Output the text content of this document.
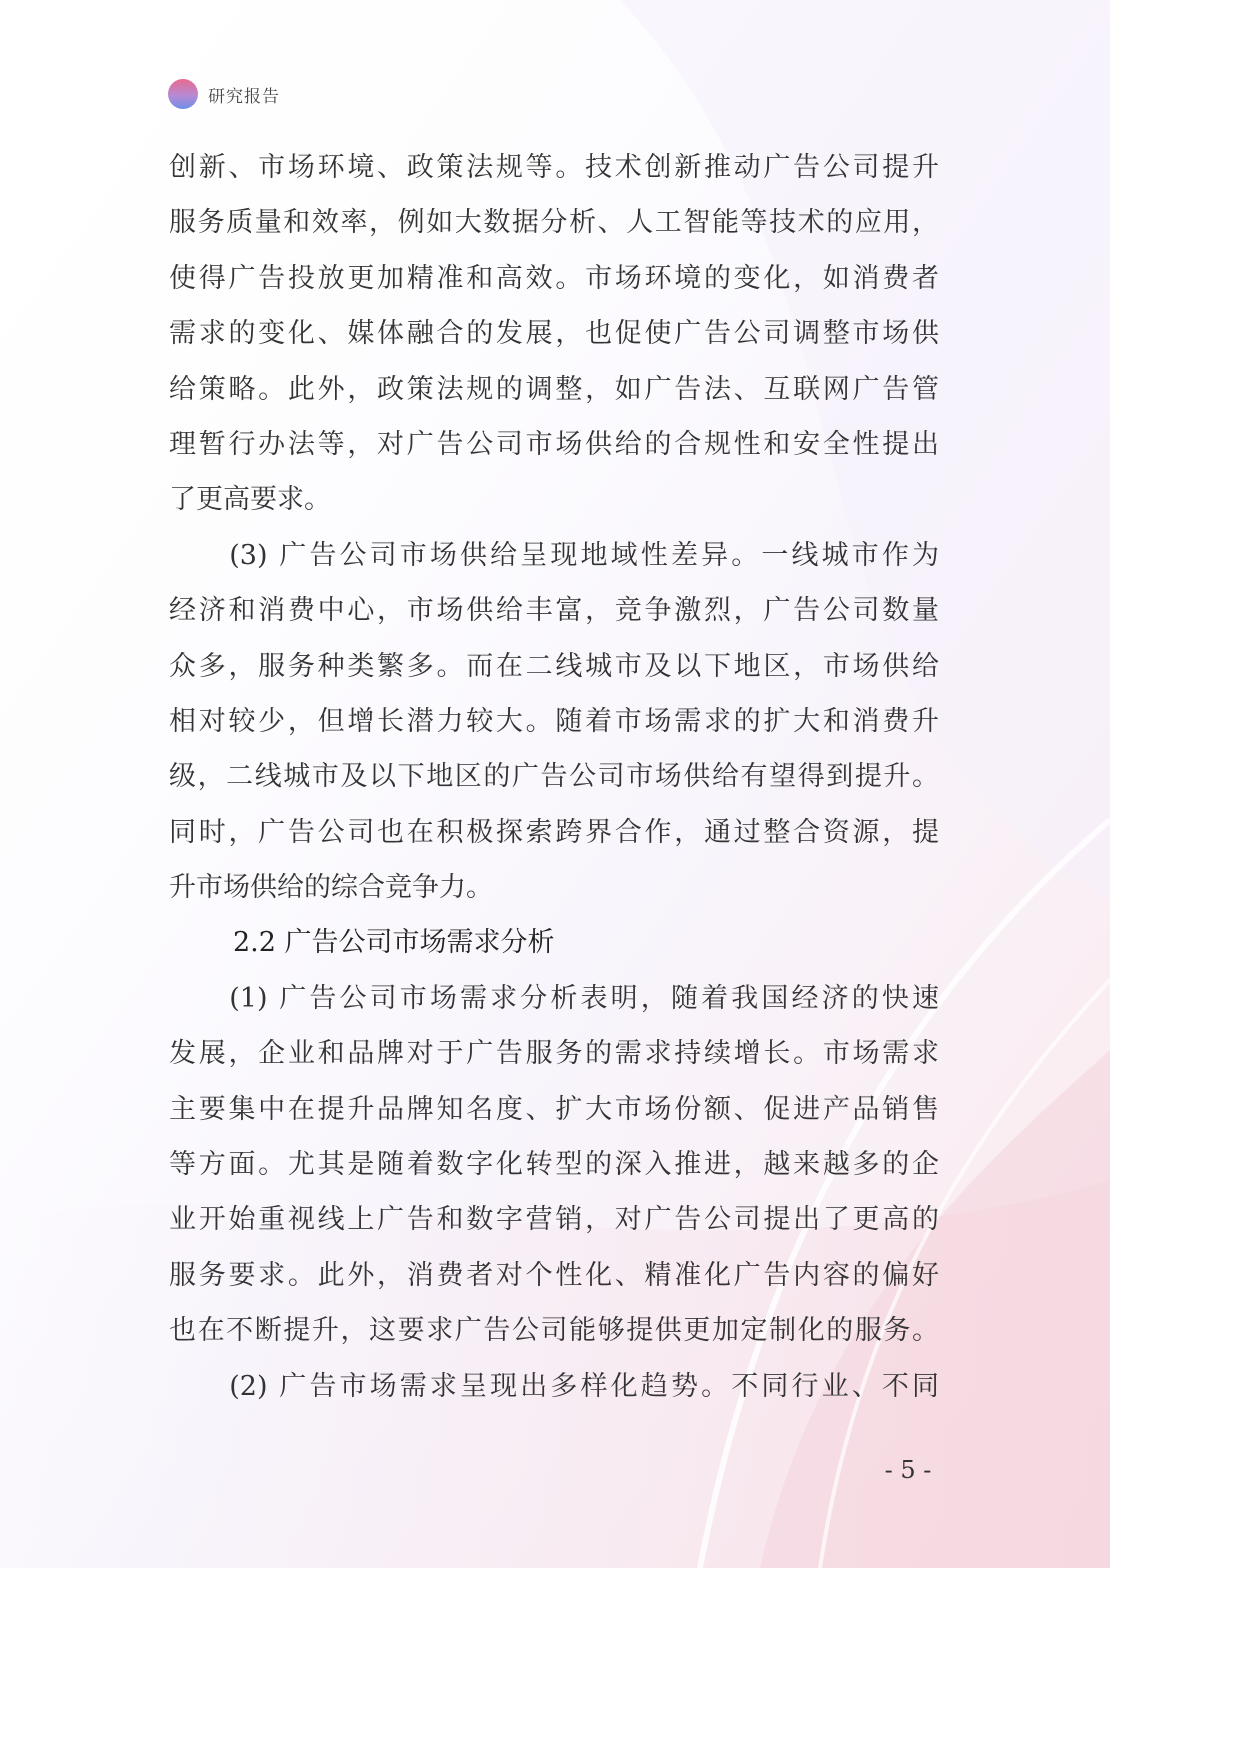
研究报告
创新、市场环境、政策法规等。技术创新推动广告公司提升
服务质量和效率，例如大数据分析、人工智能等技术的应用，
使得广告投放更加精准和高效。市场环境的变化，如消费者
需求的变化、媒体融合的发展，也促使广告公司调整市场供
给策略。此外，政策法规的调整，如广告法、互联网广告管
理暂行办法等，对广告公司市场供给的合规性和安全性提出
了更高要求。
　　(3) 广告公司市场供给呈现地域性差异。一线城市作为
经济和消费中心，市场供给丰富，竞争激烈，广告公司数量
众多，服务种类繁多。而在二线城市及以下地区，市场供给
相对较少，但增长潜力较大。随着市场需求的扩大和消费升
级，二线城市及以下地区的广告公司市场供给有望得到提升。
同时，广告公司也在积极探索跨界合作，通过整合资源，提
升市场供给的综合竞争力。
2.2 广告公司市场需求分析
　　(1) 广告公司市场需求分析表明，随着我国经济的快速
发展，企业和品牌对于广告服务的需求持续增长。市场需求
主要集中在提升品牌知名度、扩大市场份额、促进产品销售
等方面。尤其是随着数字化转型的深入推进，越来越多的企
业开始重视线上广告和数字营销，对广告公司提出了更高的
服务要求。此外，消费者对个性化、精准化广告内容的偏好
也在不断提升，这要求广告公司能够提供更加定制化的服务。
　　(2) 广告市场需求呈现出多样化趋势。不同行业、不同
- 5 -
